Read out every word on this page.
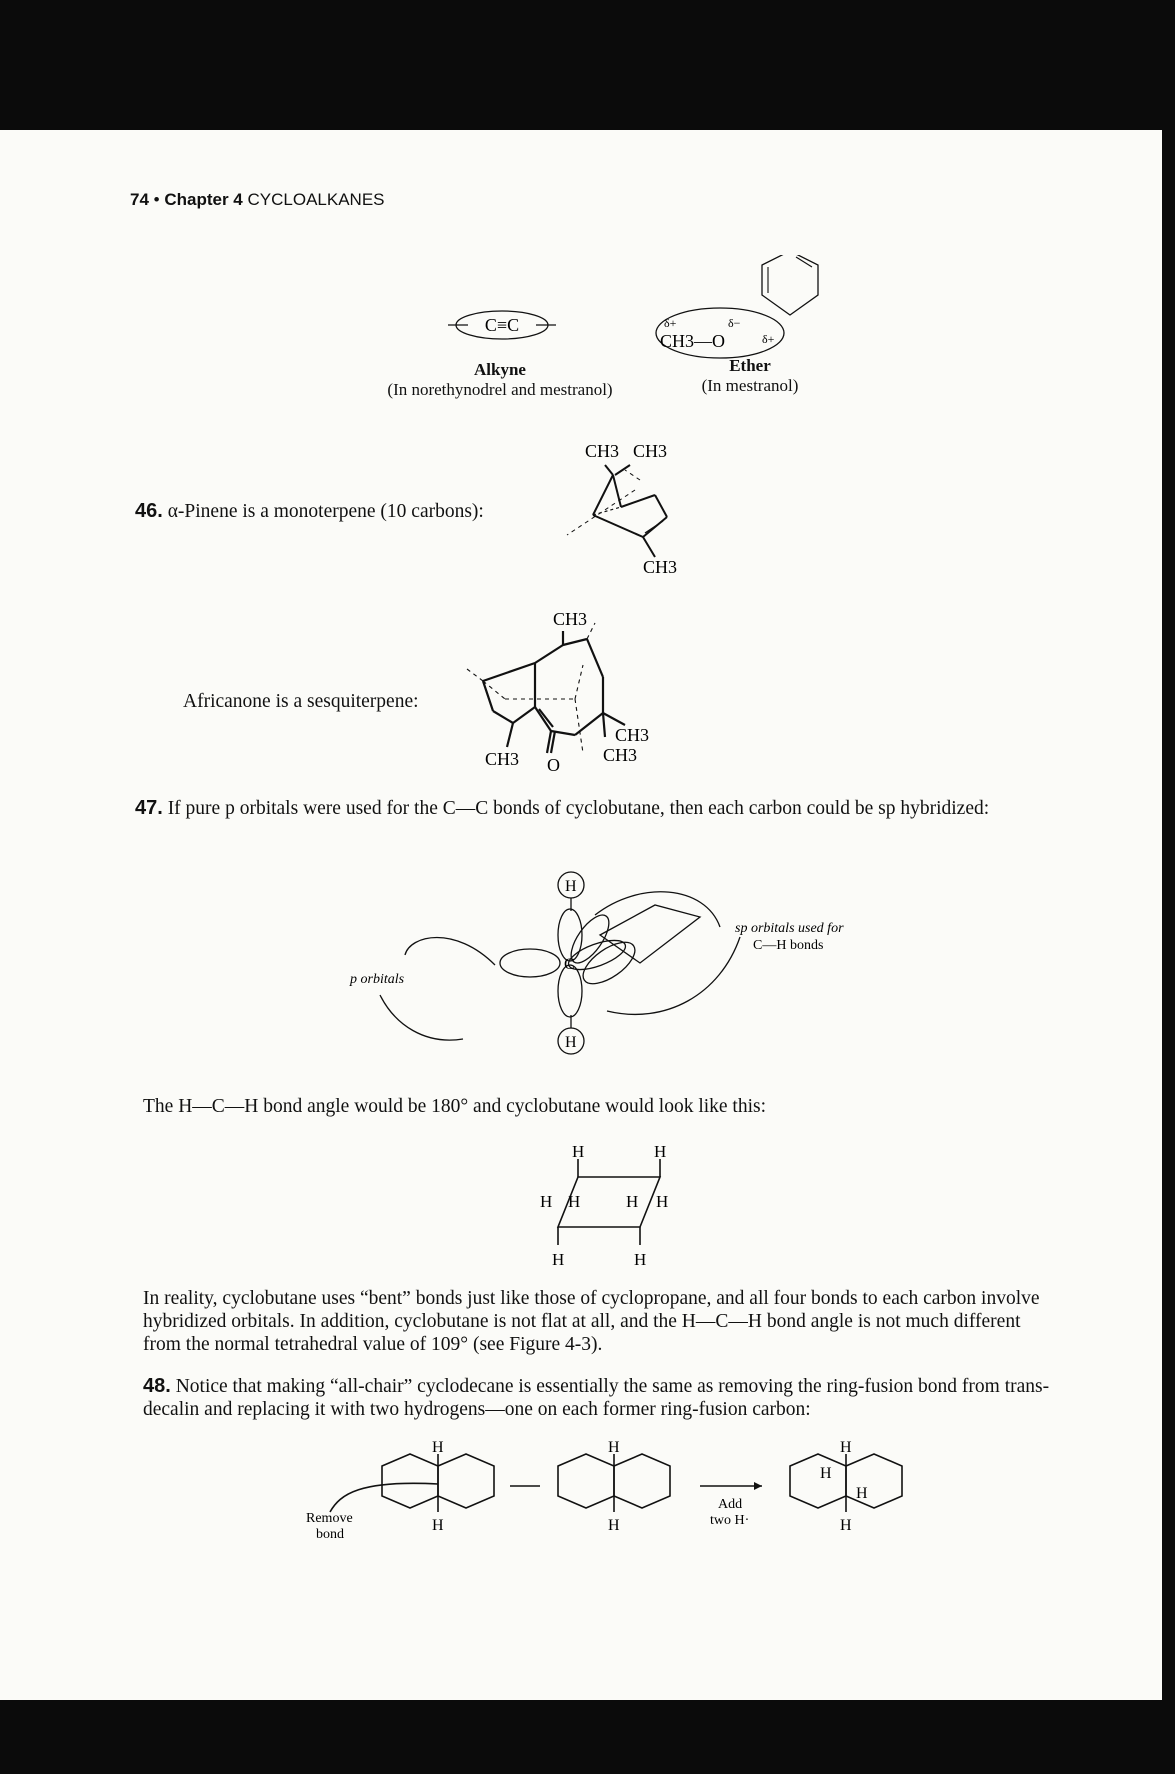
74 • Chapter 4 CYCLOALKANES
C≡C
Alkyne
(In norethynodrel and mestranol)
δ+	δ−
δ+
CH3—O
Ether
(In mestranol)
46. α-Pinene is a monoterpene (10 carbons):
CH3 CH3
CH3
Africanone is a sesquiterpene:
CH3
CH3
CH3	CH3
O
47. If pure p orbitals were used for the C—C bonds of cyclobutane, then each carbon could be sp hybridized:
H
H
C
sp orbitals used for
C—H bonds
p orbitals
The H—C—H bond angle would be 180° and cyclobutane would look like this:
H	H
H H	H H
H	H
In reality, cyclobutane uses “bent” bonds just like those of cyclopropane, and all four bonds to each carbon involve hybridized orbitals. In addition, cyclobutane is not flat at all, and the H—C—H bond angle is not much different from the normal tetrahedral value of 109° (see Figure 4-3).
48. Notice that making “all-chair” cyclodecane is essentially the same as removing the ring-fusion bond from trans-decalin and replacing it with two hydrogens—one on each former ring-fusion carbon:
H
H
H
H
H
H
H
H
Remove
bond
Add
two H·
